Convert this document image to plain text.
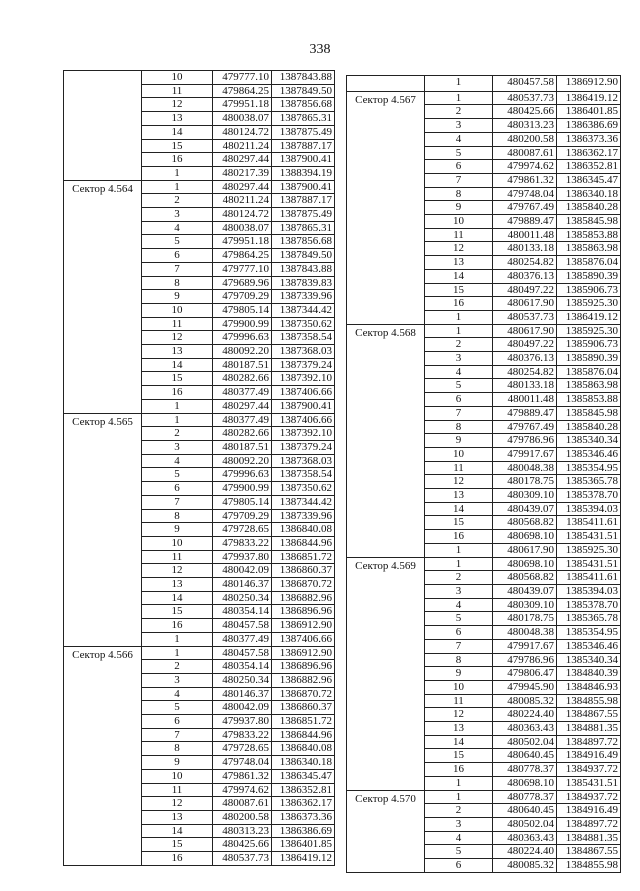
338
	10	479777.10	1387843.88
	11	479864.25	1387849.50
	12	479951.18	1387856.68
	13	480038.07	1387865.31
	14	480124.72	1387875.49
	15	480211.24	1387887.17
	16	480297.44	1387900.41
	1	480217.39	1388394.19
Сектор 4.564	1	480297.44	1387900.41
	2	480211.24	1387887.17
	3	480124.72	1387875.49
	4	480038.07	1387865.31
	5	479951.18	1387856.68
	6	479864.25	1387849.50
	7	479777.10	1387843.88
	8	479689.96	1387839.83
	9	479709.29	1387339.96
	10	479805.14	1387344.42
	11	479900.99	1387350.62
	12	479996.63	1387358.54
	13	480092.20	1387368.03
	14	480187.51	1387379.24
	15	480282.66	1387392.10
	16	480377.49	1387406.66
	1	480297.44	1387900.41
Сектор 4.565	1	480377.49	1387406.66
	2	480282.66	1387392.10
	3	480187.51	1387379.24
	4	480092.20	1387368.03
	5	479996.63	1387358.54
	6	479900.99	1387350.62
	7	479805.14	1387344.42
	8	479709.29	1387339.96
	9	479728.65	1386840.08
	10	479833.22	1386844.96
	11	479937.80	1386851.72
	12	480042.09	1386860.37
	13	480146.37	1386870.72
	14	480250.34	1386882.96
	15	480354.14	1386896.96
	16	480457.58	1386912.90
	1	480377.49	1387406.66
Сектор 4.566	1	480457.58	1386912.90
	2	480354.14	1386896.96
	3	480250.34	1386882.96
	4	480146.37	1386870.72
	5	480042.09	1386860.37
	6	479937.80	1386851.72
	7	479833.22	1386844.96
	8	479728.65	1386840.08
	9	479748.04	1386340.18
	10	479861.32	1386345.47
	11	479974.62	1386352.81
	12	480087.61	1386362.17
	13	480200.58	1386373.36
	14	480313.23	1386386.69
	15	480425.66	1386401.85
	16	480537.73	1386419.12
	1	480457.58	1386912.90
Сектор 4.567	1	480537.73	1386419.12
	2	480425.66	1386401.85
	3	480313.23	1386386.69
	4	480200.58	1386373.36
	5	480087.61	1386362.17
	6	479974.62	1386352.81
	7	479861.32	1386345.47
	8	479748.04	1386340.18
	9	479767.49	1385840.28
	10	479889.47	1385845.98
	11	480011.48	1385853.88
	12	480133.18	1385863.98
	13	480254.82	1385876.04
	14	480376.13	1385890.39
	15	480497.22	1385906.73
	16	480617.90	1385925.30
	1	480537.73	1386419.12
Сектор 4.568	1	480617.90	1385925.30
	2	480497.22	1385906.73
	3	480376.13	1385890.39
	4	480254.82	1385876.04
	5	480133.18	1385863.98
	6	480011.48	1385853.88
	7	479889.47	1385845.98
	8	479767.49	1385840.28
	9	479786.96	1385340.34
	10	479917.67	1385346.46
	11	480048.38	1385354.95
	12	480178.75	1385365.78
	13	480309.10	1385378.70
	14	480439.07	1385394.03
	15	480568.82	1385411.61
	16	480698.10	1385431.51
	1	480617.90	1385925.30
Сектор 4.569	1	480698.10	1385431.51
	2	480568.82	1385411.61
	3	480439.07	1385394.03
	4	480309.10	1385378.70
	5	480178.75	1385365.78
	6	480048.38	1385354.95
	7	479917.67	1385346.46
	8	479786.96	1385340.34
	9	479806.47	1384840.39
	10	479945.90	1384846.93
	11	480085.32	1384855.98
	12	480224.40	1384867.55
	13	480363.43	1384881.35
	14	480502.04	1384897.72
	15	480640.45	1384916.49
	16	480778.37	1384937.72
	1	480698.10	1385431.51
Сектор 4.570	1	480778.37	1384937.72
	2	480640.45	1384916.49
	3	480502.04	1384897.72
	4	480363.43	1384881.35
	5	480224.40	1384867.55
	6	480085.32	1384855.98
